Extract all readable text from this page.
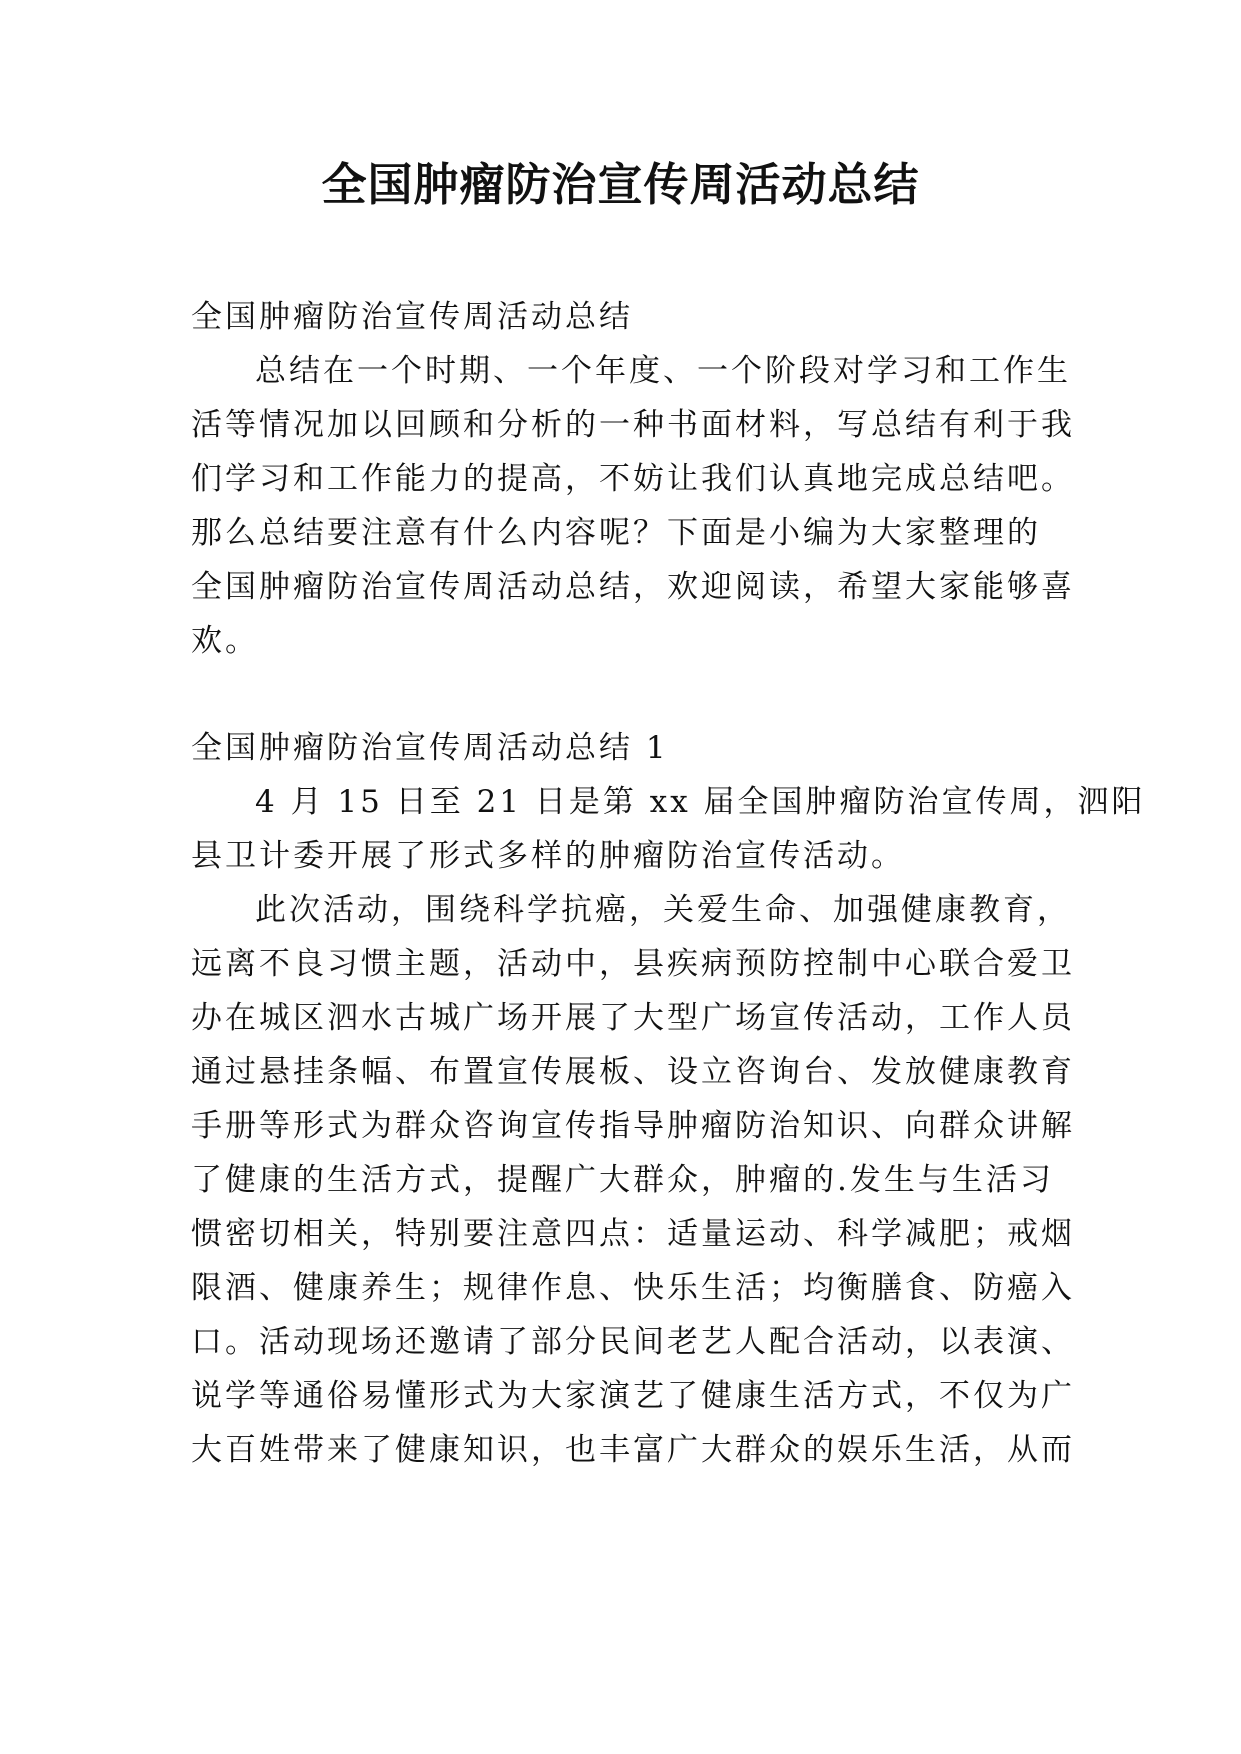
全国肿瘤防治宣传周活动总结

全国肿瘤防治宣传周活动总结

总结在一个时期、一个年度、一个阶段对学习和工作生

活等情况加以回顾和分析的一种书面材料，写总结有利于我

们学习和工作能力的提高，不妨让我们认真地完成总结吧。

那么总结要注意有什么内容呢？下面是小编为大家整理的

全国肿瘤防治宣传周活动总结，欢迎阅读，希望大家能够喜

欢。

全国肿瘤防治宣传周活动总结 1

4 月 15 日至 21 日是第 xx 届全国肿瘤防治宣传周，泗阳

县卫计委开展了形式多样的肿瘤防治宣传活动。

此次活动，围绕科学抗癌，关爱生命、加强健康教育，

远离不良习惯主题，活动中，县疾病预防控制中心联合爱卫

办在城区泗水古城广场开展了大型广场宣传活动，工作人员

通过悬挂条幅、布置宣传展板、设立咨询台、发放健康教育

手册等形式为群众咨询宣传指导肿瘤防治知识、向群众讲解

了健康的生活方式，提醒广大群众，肿瘤的.发生与生活习

惯密切相关，特别要注意四点：适量运动、科学减肥；戒烟

限酒、健康养生；规律作息、快乐生活；均衡膳食、防癌入

口。活动现场还邀请了部分民间老艺人配合活动，以表演、

说学等通俗易懂形式为大家演艺了健康生活方式，不仅为广

大百姓带来了健康知识，也丰富广大群众的娱乐生活，从而
